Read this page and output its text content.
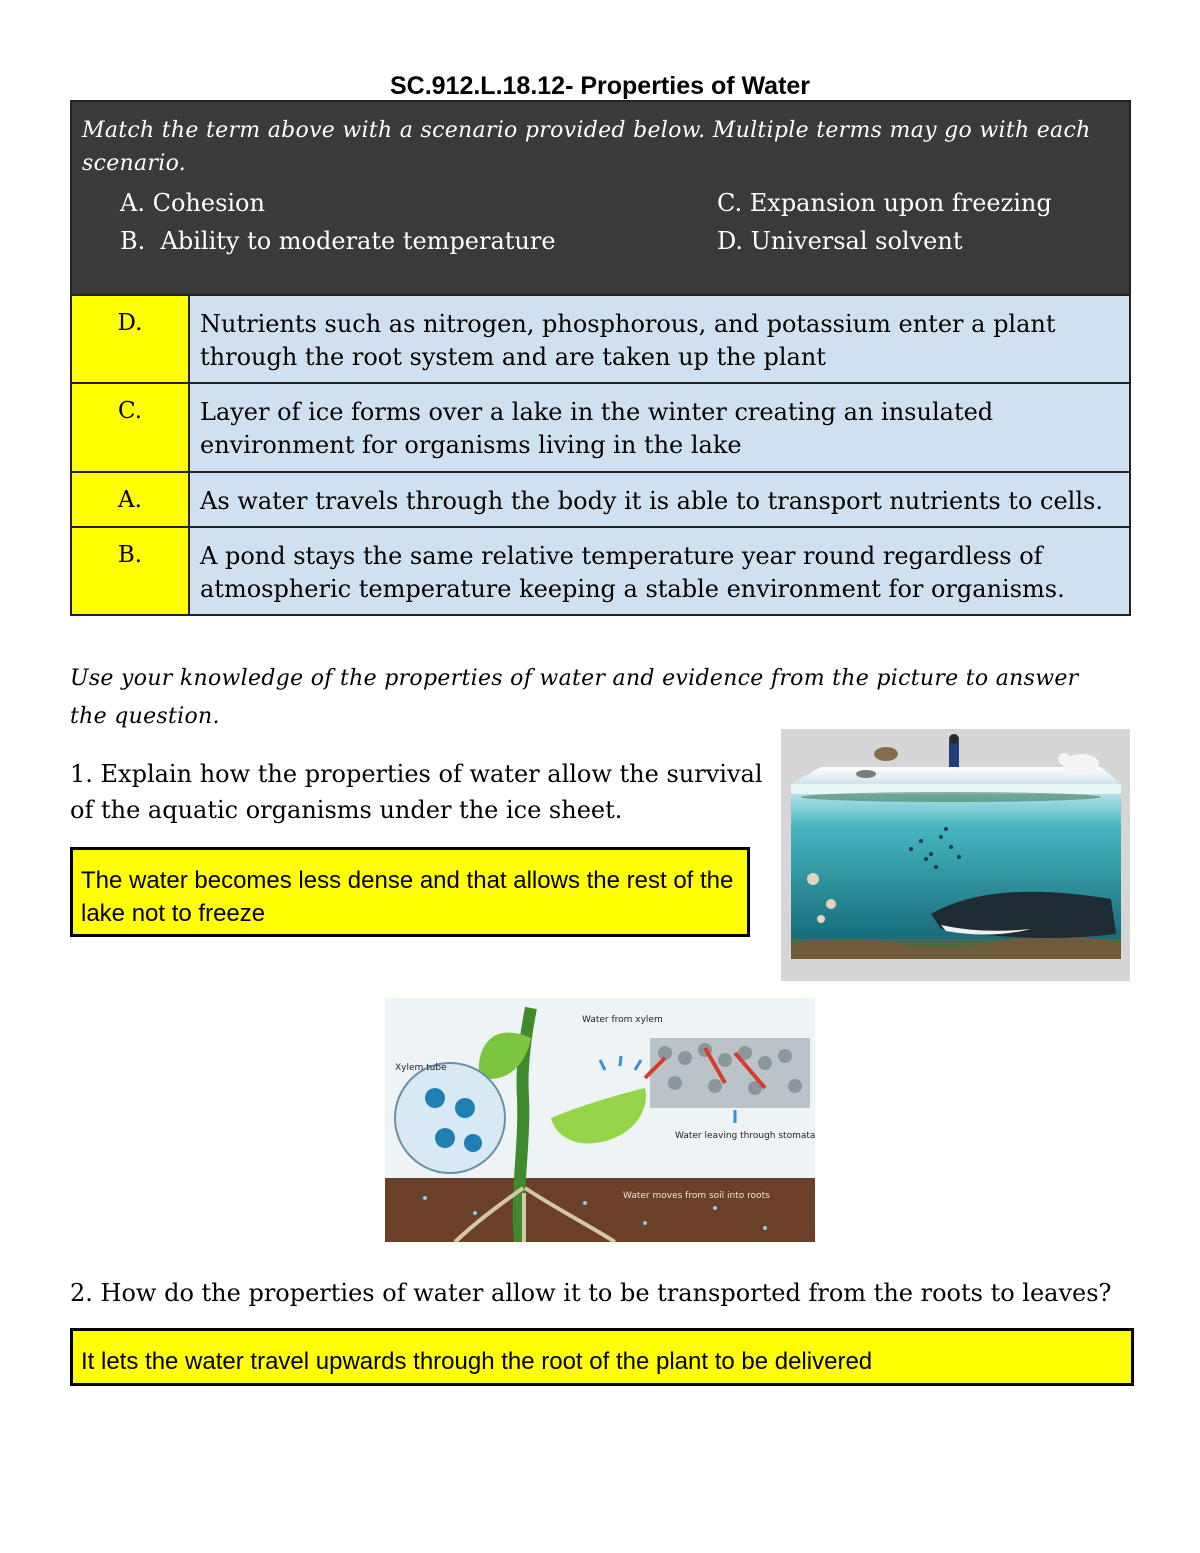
SC.912.L.18.12- Properties of Water
Match the term above with a scenario provided below. Multiple terms may go with each scenario.
A. Cohesion C. Expansion upon freezing
B.  Ability to moderate temperature D. Universal solvent	

D.	Nutrients such as nitrogen, phosphorous, and potassium enter a plant through the root system and are taken up the plant
C.	Layer of ice forms over a lake in the winter creating an insulated environment for organisms living in the lake
A.	As water travels through the body it is able to transport nutrients to cells.
B.	A pond stays the same relative temperature year round regardless of atmospheric temperature keeping a stable environment for organisms.
Use your knowledge of the properties of water and evidence from the picture to answer the question.
1. Explain how the properties of water allow the survival of the aquatic organisms under the ice sheet.
The water becomes less dense and that allows the rest of the lake not to freeze
Xylem tube
Water from xylem
Water leaving through stomata
Water moves from soil into roots
2. How do the properties of water allow it to be transported from the roots to leaves?
It lets the water travel upwards through the root of the plant to be delivered
